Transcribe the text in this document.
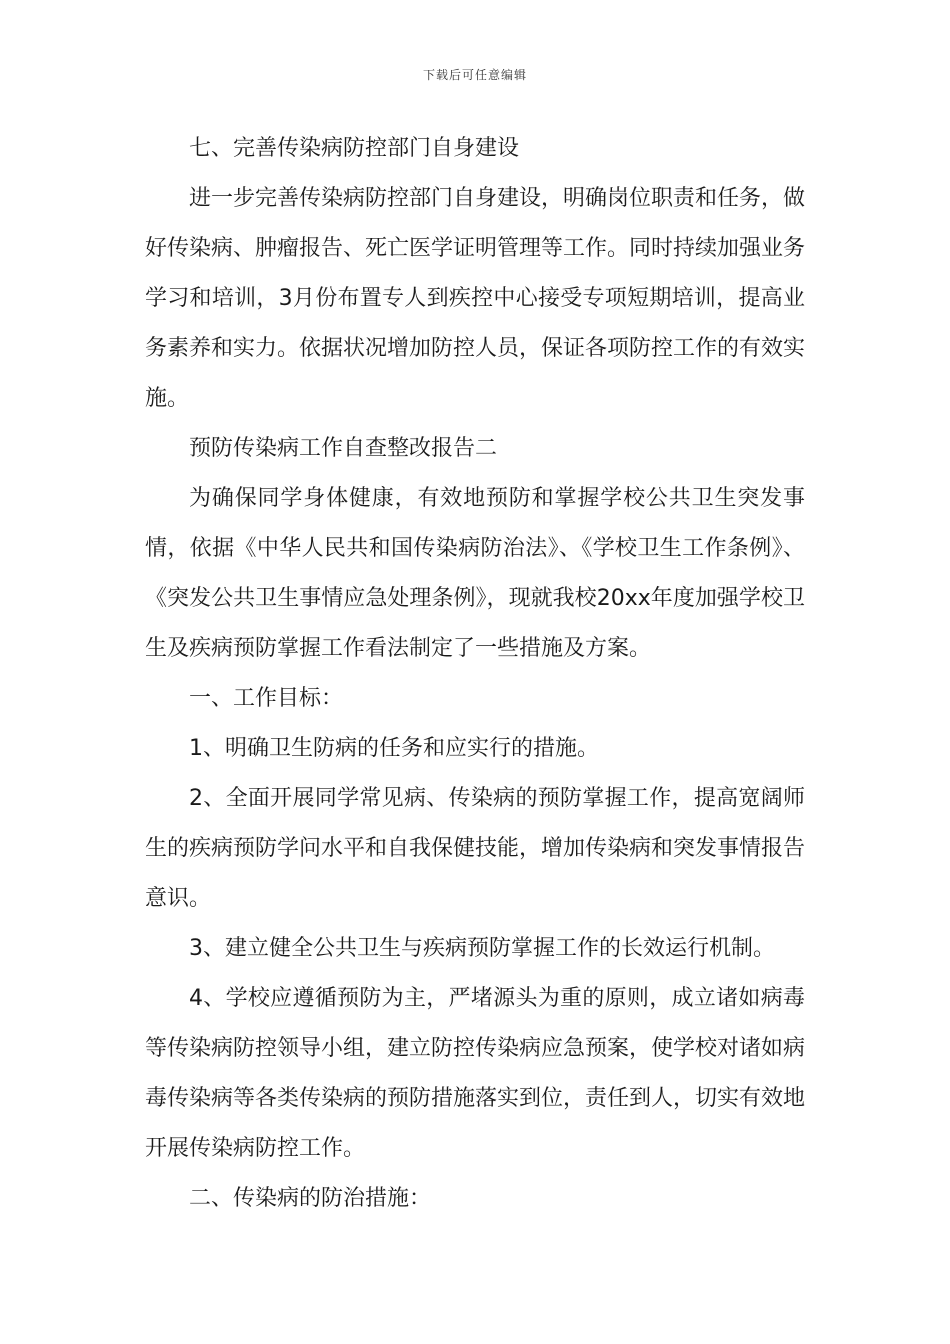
下载后可任意编辑

七、完善传染病防控部门自身建设

进一步完善传染病防控部门自身建设，明确岗位职责和任务，做好传染病、肿瘤报告、死亡医学证明管理等工作。同时持续加强业务学习和培训，3月份布置专人到疾控中心接受专项短期培训，提高业务素养和实力。依据状况增加防控人员，保证各项防控工作的有效实施。

预防传染病工作自查整改报告二

为确保同学身体健康，有效地预防和掌握学校公共卫生突发事情，依据《中华人民共和国传染病防治法》、《学校卫生工作条例》、《突发公共卫生事情应急处理条例》，现就我校20xx年度加强学校卫生及疾病预防掌握工作看法制定了一些措施及方案。

一、工作目标：

1、明确卫生防病的任务和应实行的措施。

2、全面开展同学常见病、传染病的预防掌握工作，提高宽阔师生的疾病预防学问水平和自我保健技能，增加传染病和突发事情报告意识。

3、建立健全公共卫生与疾病预防掌握工作的长效运行机制。

4、学校应遵循预防为主，严堵源头为重的原则，成立诸如病毒等传染病防控领导小组，建立防控传染病应急预案，使学校对诸如病毒传染病等各类传染病的预防措施落实到位，责任到人，切实有效地开展传染病防控工作。

二、传染病的防治措施：
